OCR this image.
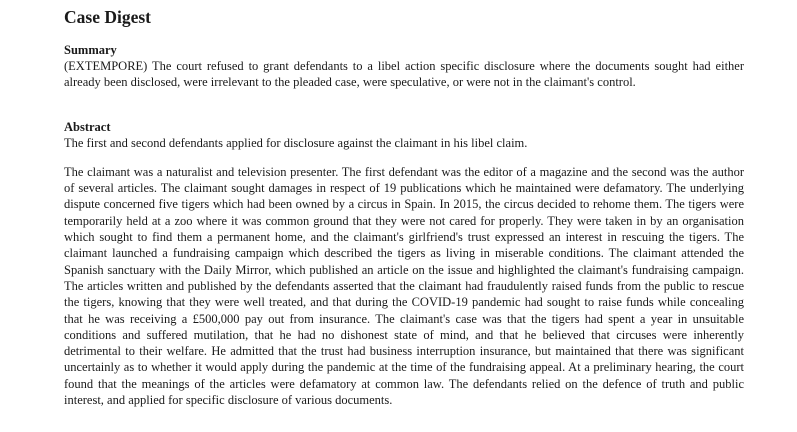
Case Digest
Summary

(EXTEMPORE) The court refused to grant defendants to a libel action specific disclosure where the documents sought had either already been disclosed, were irrelevant to the pleaded case, were speculative, or were not in the claimant's control.

Abstract

The first and second defendants applied for disclosure against the claimant in his libel claim.

The claimant was a naturalist and television presenter. The first defendant was the editor of a magazine and the second was the author of several articles. The claimant sought damages in respect of 19 publications which he maintained were defamatory. The underlying dispute concerned five tigers which had been owned by a circus in Spain. In 2015, the circus decided to rehome them. The tigers were temporarily held at a zoo where it was common ground that they were not cared for properly. They were taken in by an organisation which sought to find them a permanent home, and the claimant's girlfriend's trust expressed an interest in rescuing the tigers. The claimant launched a fundraising campaign which described the tigers as living in miserable conditions. The claimant attended the Spanish sanctuary with the Daily Mirror, which published an article on the issue and highlighted the claimant's fundraising campaign. The articles written and published by the defendants asserted that the claimant had fraudulently raised funds from the public to rescue the tigers, knowing that they were well treated, and that during the COVID-19 pandemic had sought to raise funds while concealing that he was receiving a £500,000 pay out from insurance. The claimant's case was that the tigers had spent a year in unsuitable conditions and suffered mutilation, that he had no dishonest state of mind, and that he believed that circuses were inherently detrimental to their welfare. He admitted that the trust had business interruption insurance, but maintained that there was significant uncertainly as to whether it would apply during the pandemic at the time of the fundraising appeal. At a preliminary hearing, the court found that the meanings of the articles were defamatory at common law. The defendants relied on the defence of truth and public interest, and applied for specific disclosure of various documents.
